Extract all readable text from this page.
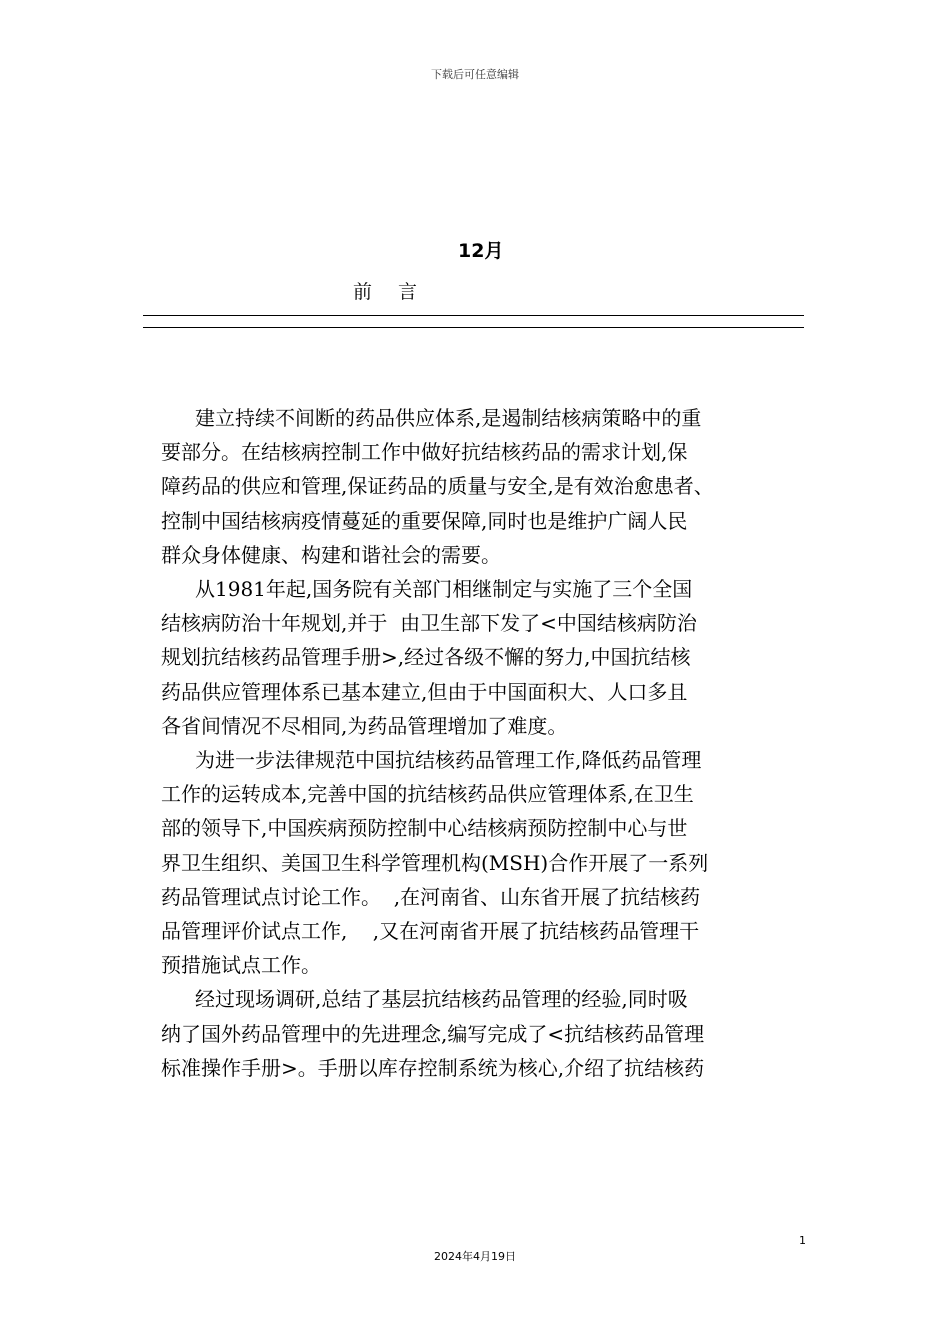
下载后可任意编辑
12月
前 言

建立持续不间断的药品供应体系,是遏制结核病策略中的重
要部分。在结核病控制工作中做好抗结核药品的需求计划,保
障药品的供应和管理,保证药品的质量与安全,是有效治愈患者、
控制中国结核病疫情蔓延的重要保障,同时也是维护广阔人民
群众身体健康、构建和谐社会的需要。

从1981年起,国务院有关部门相继制定与实施了三个全国
结核病防治十年规划,并于  由卫生部下发了<中国结核病防治
规划抗结核药品管理手册>,经过各级不懈的努力,中国抗结核
药品供应管理体系已基本建立,但由于中国面积大、人口多且
各省间情况不尽相同,为药品管理增加了难度。

为进一步法律规范中国抗结核药品管理工作,降低药品管理
工作的运转成本,完善中国的抗结核药品供应管理体系,在卫生
部的领导下,中国疾病预防控制中心结核病预防控制中心与世
界卫生组织、美国卫生科学管理机构(MSH)合作开展了一系列
药品管理试点讨论工作。  ,在河南省、山东省开展了抗结核药
品管理评价试点工作,    ,又在河南省开展了抗结核药品管理干
预措施试点工作。

经过现场调研,总结了基层抗结核药品管理的经验,同时吸
纳了国外药品管理中的先进理念,编写完成了<抗结核药品管理
标准操作手册>。手册以库存控制系统为核心,介绍了抗结核药

1
2024年4月19日
